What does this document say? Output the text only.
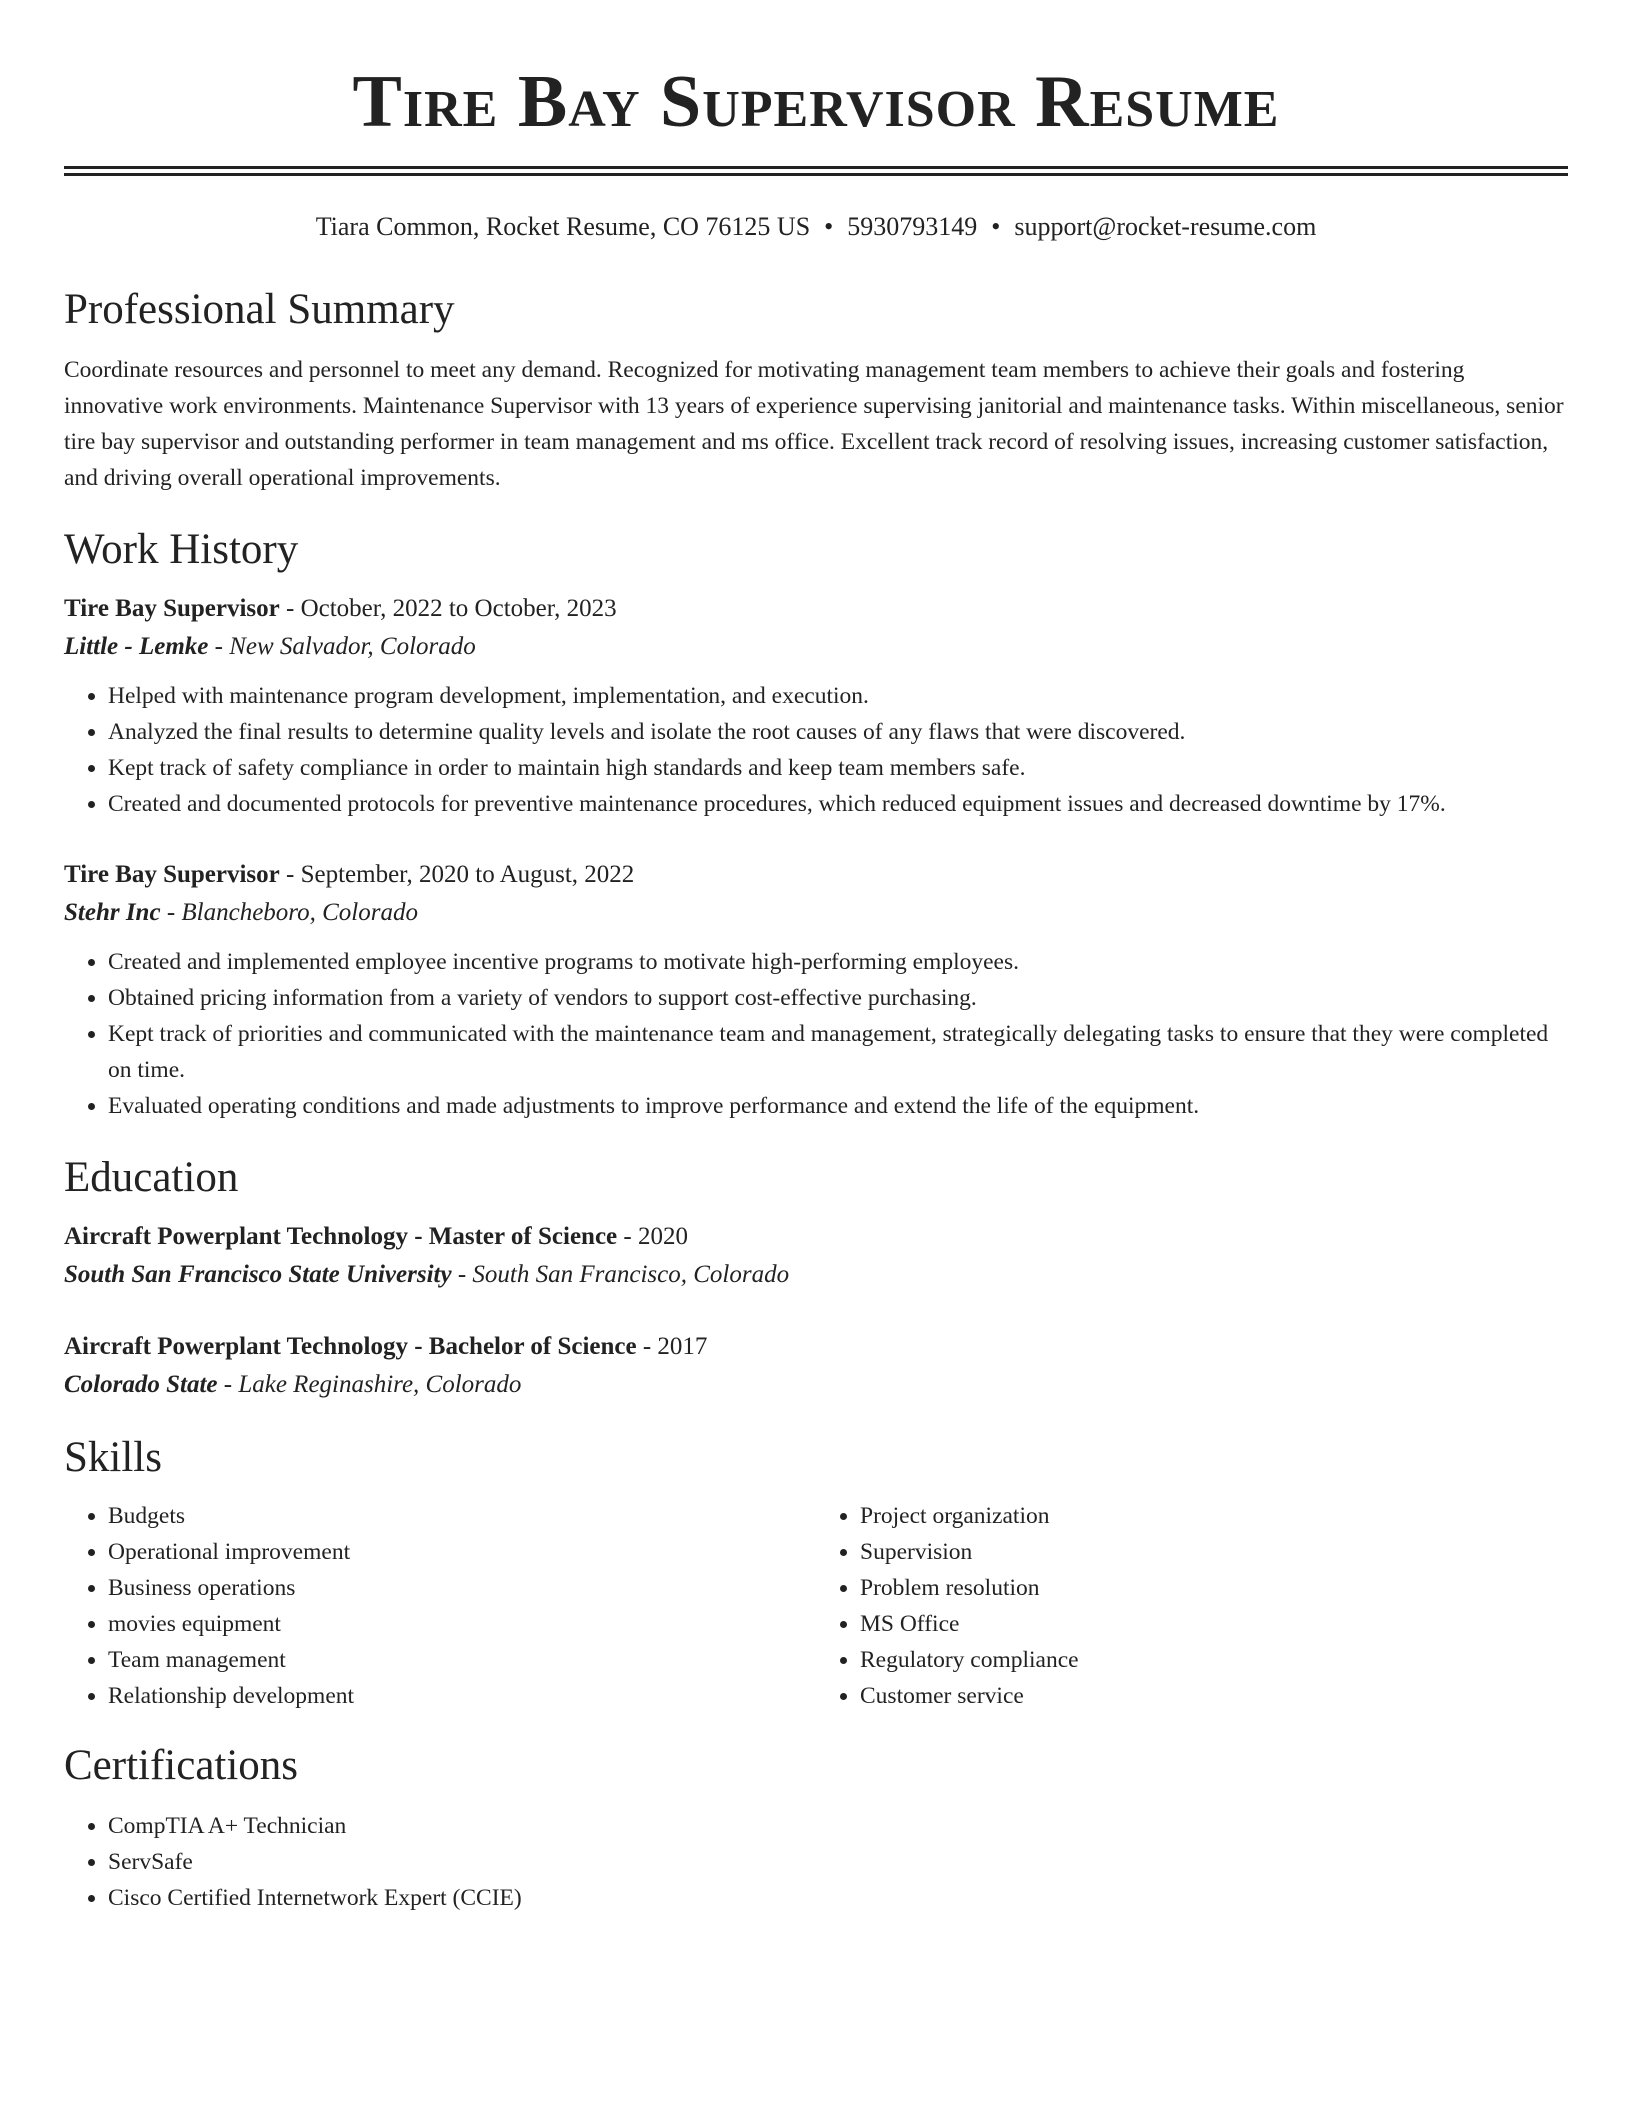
Tire Bay Supervisor Resume
Tiara Common, Rocket Resume, CO 76125 US • 5930793149 • support@rocket-resume.com
Professional Summary

Coordinate resources and personnel to meet any demand. Recognized for motivating management team members to achieve their goals and fostering innovative work environments. Maintenance Supervisor with 13 years of experience supervising janitorial and maintenance tasks. Within miscellaneous, senior tire bay supervisor and outstanding performer in team management and ms office. Excellent track record of resolving issues, increasing customer satisfaction, and driving overall operational improvements.

Work History
Tire Bay Supervisor - October, 2022 to October, 2023
Little - Lemke - New Salvador, Colorado
• Helped with maintenance program development, implementation, and execution.
• Analyzed the final results to determine quality levels and isolate the root causes of any flaws that were discovered.
• Kept track of safety compliance in order to maintain high standards and keep team members safe.
• Created and documented protocols for preventive maintenance procedures, which reduced equipment issues and decreased downtime by 17%.
Tire Bay Supervisor - September, 2020 to August, 2022
Stehr Inc - Blancheboro, Colorado
• Created and implemented employee incentive programs to motivate high-performing employees.
• Obtained pricing information from a variety of vendors to support cost-effective purchasing.
• Kept track of priorities and communicated with the maintenance team and management, strategically delegating tasks to ensure that they were completed on time.
• Evaluated operating conditions and made adjustments to improve performance and extend the life of the equipment.
Education
Aircraft Powerplant Technology - Master of Science - 2020
South San Francisco State University - South San Francisco, Colorado
Aircraft Powerplant Technology - Bachelor of Science - 2017
Colorado State - Lake Reginashire, Colorado
Skills
• Budgets
• Operational improvement
• Business operations
• movies equipment
• Team management
• Relationship development
• Project organization
• Supervision
• Problem resolution
• MS Office
• Regulatory compliance
• Customer service
Certifications
• CompTIA A+ Technician
• ServSafe
• Cisco Certified Internetwork Expert (CCIE)
